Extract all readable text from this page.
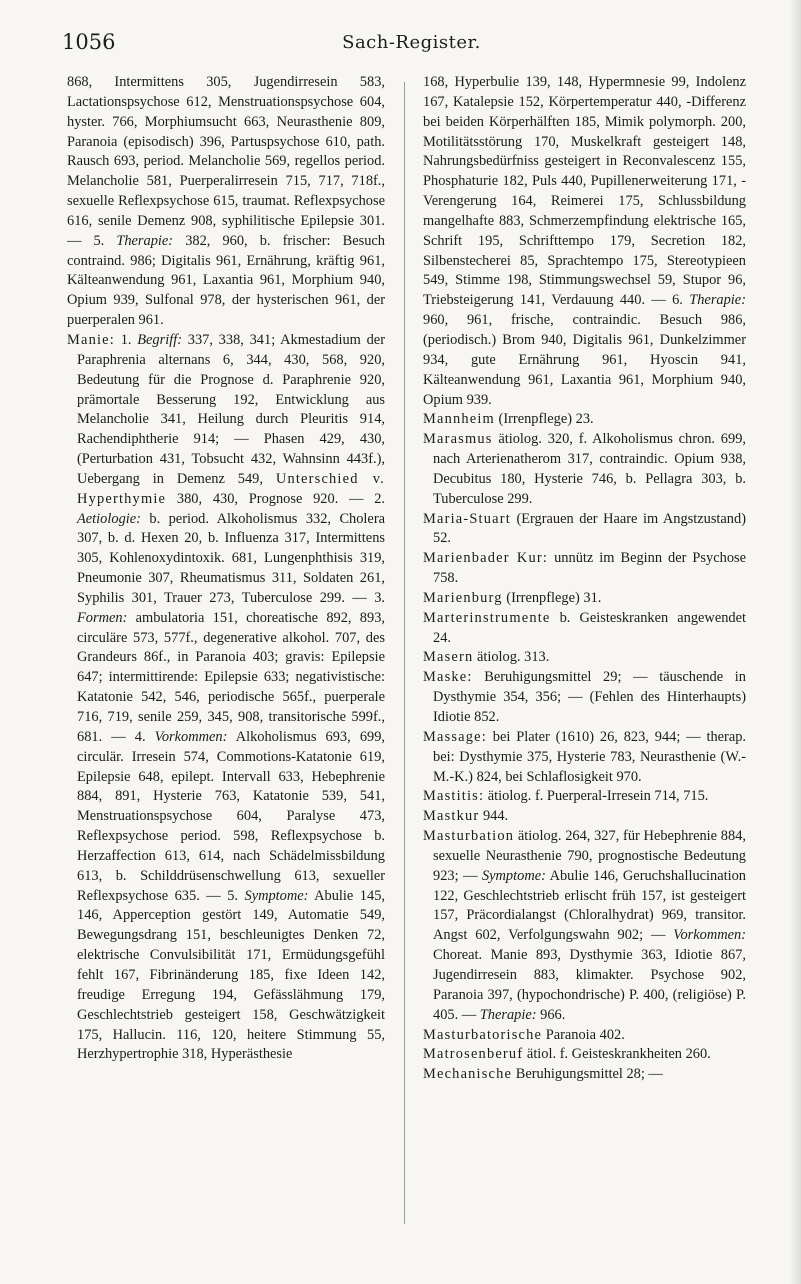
1056	Sach-Register.

868, Intermittens 305, Jugendirresein 583, Lactationspsychose 612, Menstruationspsychose 604, hyster. 766, Morphiumsucht 663, Neurasthenie 809, Paranoia (episodisch) 396, Partuspsychose 610, path. Rausch 693, period. Melancholie 569, regellos period. Melancholie 581, Puerperalirresein 715, 717, 718f., sexuelle Reflexpsychose 615, traumat. Reflexpsychose 616, senile Demenz 908, syphilitische Epilepsie 301. — 5. Therapie: 382, 960, b. frischer: Besuch contraind. 986; Digitalis 961, Ernährung, kräftig 961, Kälteanwendung 961, Laxantia 961, Morphium 940, Opium 939, Sulfonal 978, der hysterischen 961, der puerperalen 961.

Manie: 1. Begriff: 337, 338, 341; Akmestadium der Paraphrenia alternans 6, 344, 430, 568, 920, Bedeutung für die Prognose d. Paraphrenie 920, prämortale Besserung 192, Entwicklung aus Melancholie 341, Heilung durch Pleuritis 914, Rachendiphtherie 914; — Phasen 429, 430, (Perturbation 431, Tobsucht 432, Wahnsinn 443f.), Uebergang in Demenz 549, Unterschied v. Hyperthymie 380, 430, Prognose 920. — 2. Aetiologie: b. period. Alkoholismus 332, Cholera 307, b. d. Hexen 20, b. Influenza 317, Intermittens 305, Kohlenoxydintoxik. 681, Lungenphthisis 319, Pneumonie 307, Rheumatismus 311, Soldaten 261, Syphilis 301, Trauer 273, Tuberculose 299. — 3. Formen: ambulatoria 151, choreatische 892, 893, circuläre 573, 577f., degenerative alkohol. 707, des Grandeurs 86f., in Paranoia 403; gravis: Epilepsie 647; intermittirende: Epilepsie 633; negativistische: Katatonie 542, 546, periodische 565f., puerperale 716, 719, senile 259, 345, 908, transitorische 599f., 681. — 4. Vorkommen: Alkoholismus 693, 699, circulär. Irresein 574, Commotions-Katatonie 619, Epilepsie 648, epilept. Intervall 633, Hebephrenie 884, 891, Hysterie 763, Katatonie 539, 541, Menstruationspsychose 604, Paralyse 473, Reflexpsychose period. 598, Reflexpsychose b. Herzaffection 613, 614, nach Schädelmissbildung 613, b. Schilddrüsenschwellung 613, sexueller Reflexpsychose 635. — 5. Symptome: Abulie 145, 146, Apperception gestört 149, Automatie 549, Bewegungsdrang 151, beschleunigtes Denken 72, elektrische Convulsibilität 171, Ermüdungsgefühl fehlt 167, Fibrinänderung 185, fixe Ideen 142, freudige Erregung 194, Gefässlähmung 179, Geschlechtstrieb gesteigert 158, Geschwätzigkeit 175, Hallucin. 116, 120, heitere Stimmung 55, Herzhypertrophie 318, Hyperästhesie

168, Hyperbulie 139, 148, Hypermnesie 99, Indolenz 167, Katalepsie 152, Körpertemperatur 440, -Differenz bei beiden Körperhälften 185, Mimik polymorph. 200, Motilitätsstörung 170, Muskelkraft gesteigert 148, Nahrungsbedürfniss gesteigert in Reconvalescenz 155, Phosphaturie 182, Puls 440, Pupillenerweiterung 171, -Verengerung 164, Reimerei 175, Schlussbildung mangelhafte 883, Schmerzempfindung elektrische 165, Schrift 195, Schrifttempo 179, Secretion 182, Silbenstecherei 85, Sprachtempo 175, Stereotypieen 549, Stimme 198, Stimmungswechsel 59, Stupor 96, Triebsteigerung 141, Verdauung 440. — 6. Therapie: 960, 961, frische, contraindic. Besuch 986, (periodisch.) Brom 940, Digitalis 961, Dunkelzimmer 934, gute Ernährung 961, Hyoscin 941, Kälteanwendung 961, Laxantia 961, Morphium 940, Opium 939.

Mannheim (Irrenpflege) 23.

Marasmus ätiolog. 320, f. Alkoholismus chron. 699, nach Arterienatherom 317, contraindic. Opium 938, Decubitus 180, Hysterie 746, b. Pellagra 303, b. Tuberculose 299.

Maria-Stuart (Ergrauen der Haare im Angstzustand) 52.

Marienbader Kur: unnütz im Beginn der Psychose 758.

Marienburg (Irrenpflege) 31.

Marterinstrumente b. Geisteskranken angewendet 24.

Masern ätiolog. 313.

Maske: Beruhigungsmittel 29; — täuschende in Dysthymie 354, 356; — (Fehlen des Hinterhaupts) Idiotie 852.

Massage: bei Plater (1610) 26, 823, 944; — therap. bei: Dysthymie 375, Hysterie 783, Neurasthenie (W.-M.-K.) 824, bei Schlaflosigkeit 970.

Mastitis: ätiolog. f. Puerperal-Irresein 714, 715.

Mastkur 944.

Masturbation ätiolog. 264, 327, für Hebephrenie 884, sexuelle Neurasthenie 790, prognostische Bedeutung 923; — Symptome: Abulie 146, Geruchshallucination 122, Geschlechtstrieb erlischt früh 157, ist gesteigert 157, Präcordialangst (Chloralhydrat) 969, transitor. Angst 602, Verfolgungswahn 902; — Vorkommen: Choreat. Manie 893, Dysthymie 363, Idiotie 867, Jugendirresein 883, klimakter. Psychose 902, Paranoia 397, (hypochondrische) P. 400, (religiöse) P. 405. — Therapie: 966.

Masturbatorische Paranoia 402.

Matrosenberuf ätiol. f. Geisteskrankheiten 260.

Mechanische Beruhigungsmittel 28; —
